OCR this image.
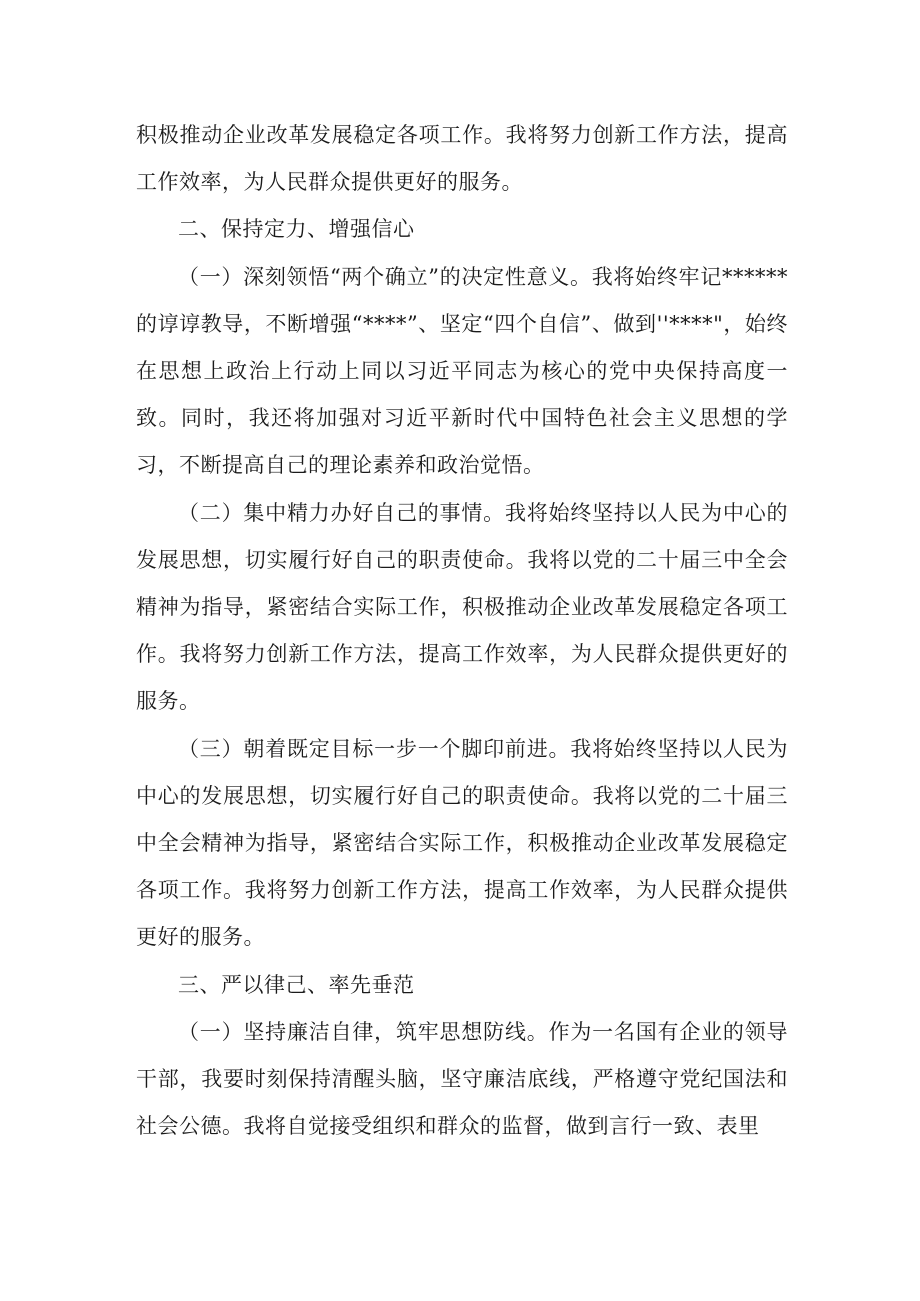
积极推动企业改革发展稳定各项工作。我将努力创新工作方法，提高工作效率，为人民群众提供更好的服务。

二、保持定力、增强信心

（一）深刻领悟“两个确立”的决定性意义。我将始终牢记******的谆谆教导，不断增强“****”、坚定“四个自信”、做到''****"，始终在思想上政治上行动上同以习近平同志为核心的党中央保持高度一致。同时，我还将加强对习近平新时代中国特色社会主义思想的学习，不断提高自己的理论素养和政治觉悟。

（二）集中精力办好自己的事情。我将始终坚持以人民为中心的发展思想，切实履行好自己的职责使命。我将以党的二十届三中全会精神为指导，紧密结合实际工作，积极推动企业改革发展稳定各项工作。我将努力创新工作方法，提高工作效率，为人民群众提供更好的服务。

（三）朝着既定目标一步一个脚印前进。我将始终坚持以人民为中心的发展思想，切实履行好自己的职责使命。我将以党的二十届三中全会精神为指导，紧密结合实际工作，积极推动企业改革发展稳定各项工作。我将努力创新工作方法，提高工作效率，为人民群众提供更好的服务。

三、严以律己、率先垂范

（一）坚持廉洁自律，筑牢思想防线。作为一名国有企业的领导干部，我要时刻保持清醒头脑，坚守廉洁底线，严格遵守党纪国法和社会公德。我将自觉接受组织和群众的监督，做到言行一致、表里
